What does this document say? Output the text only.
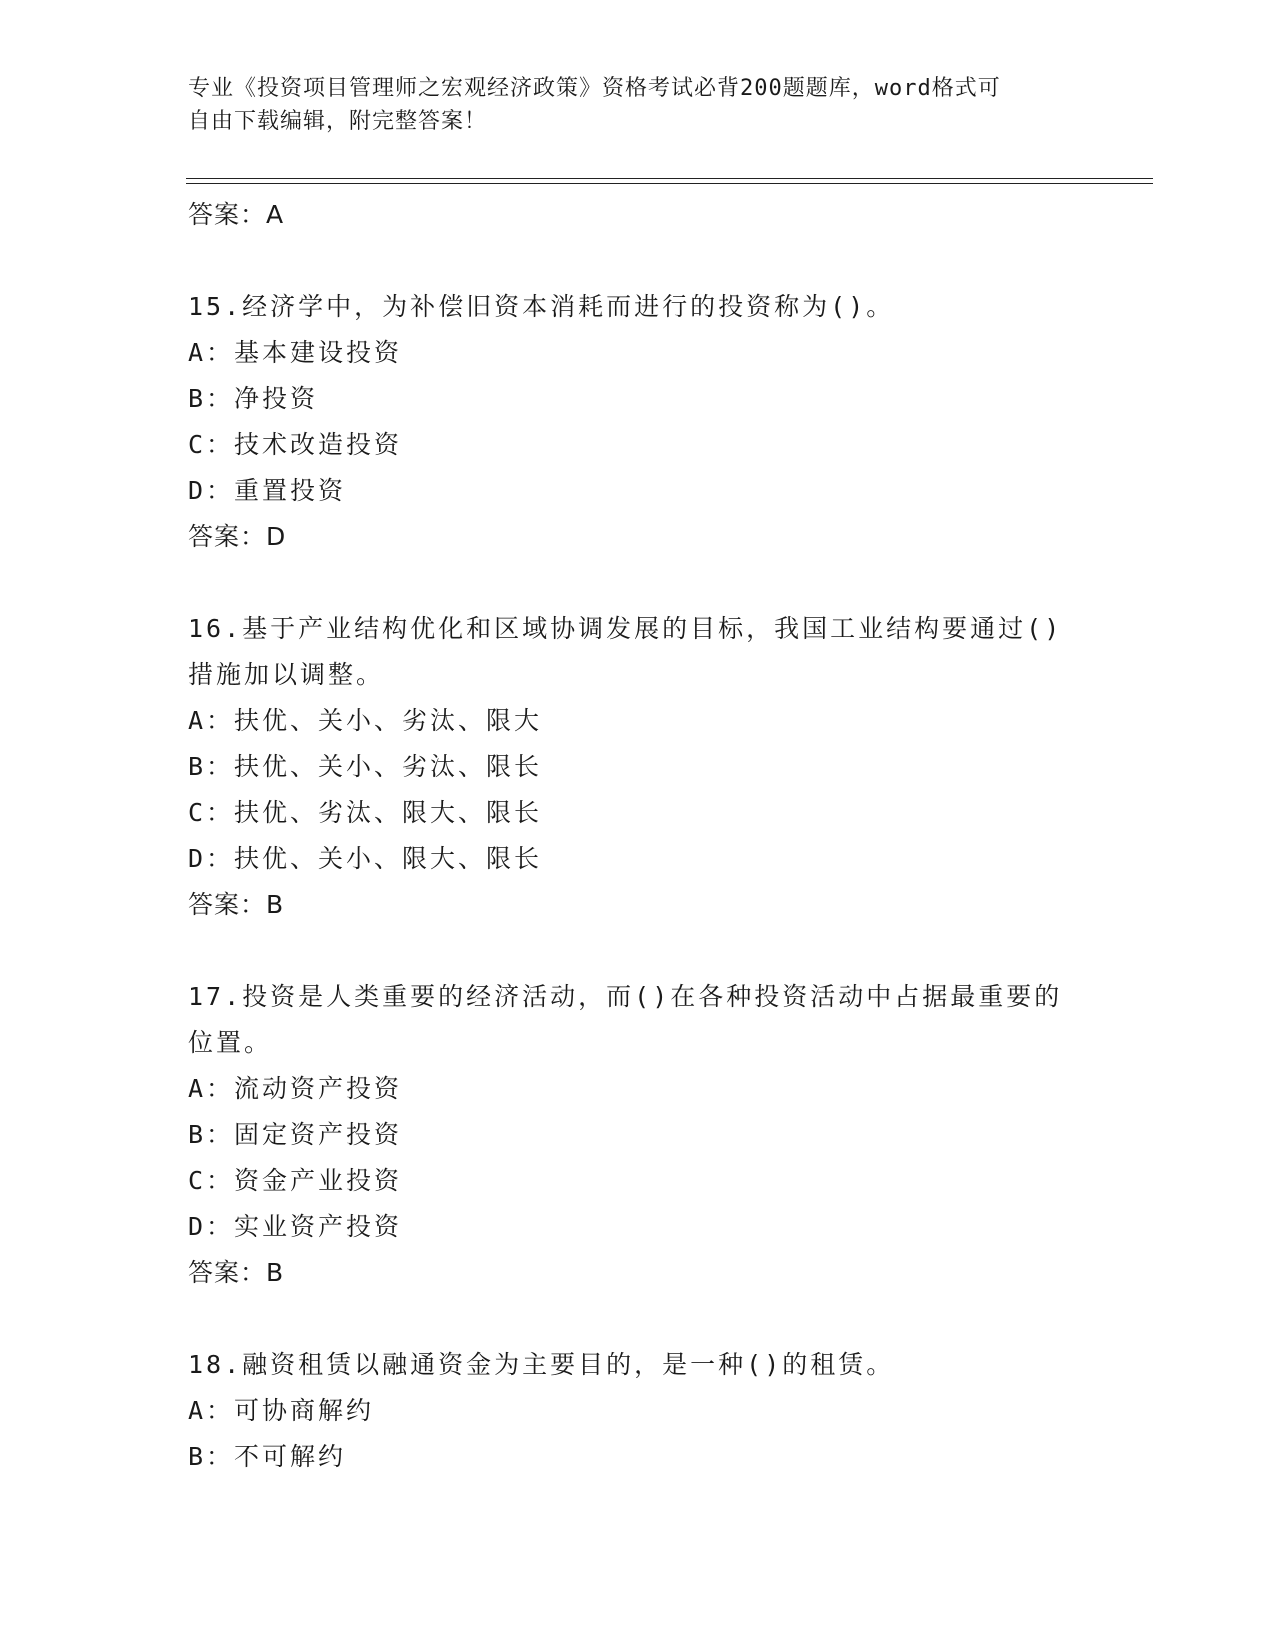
专业《投资项目管理师之宏观经济政策》资格考试必背200题题库，word格式可
自由下载编辑，附完整答案！
答案：A
15.经济学中，为补偿旧资本消耗而进行的投资称为()。
A：基本建设投资
B：净投资
C：技术改造投资
D：重置投资
答案：D
16.基于产业结构优化和区域协调发展的目标，我国工业结构要通过()
措施加以调整。
A：扶优、关小、劣汰、限大
B：扶优、关小、劣汰、限长
C：扶优、劣汰、限大、限长
D：扶优、关小、限大、限长
答案：B
17.投资是人类重要的经济活动，而()在各种投资活动中占据最重要的
位置。
A：流动资产投资
B：固定资产投资
C：资金产业投资
D：实业资产投资
答案：B
18.融资租赁以融通资金为主要目的，是一种()的租赁。
A：可协商解约
B：不可解约
